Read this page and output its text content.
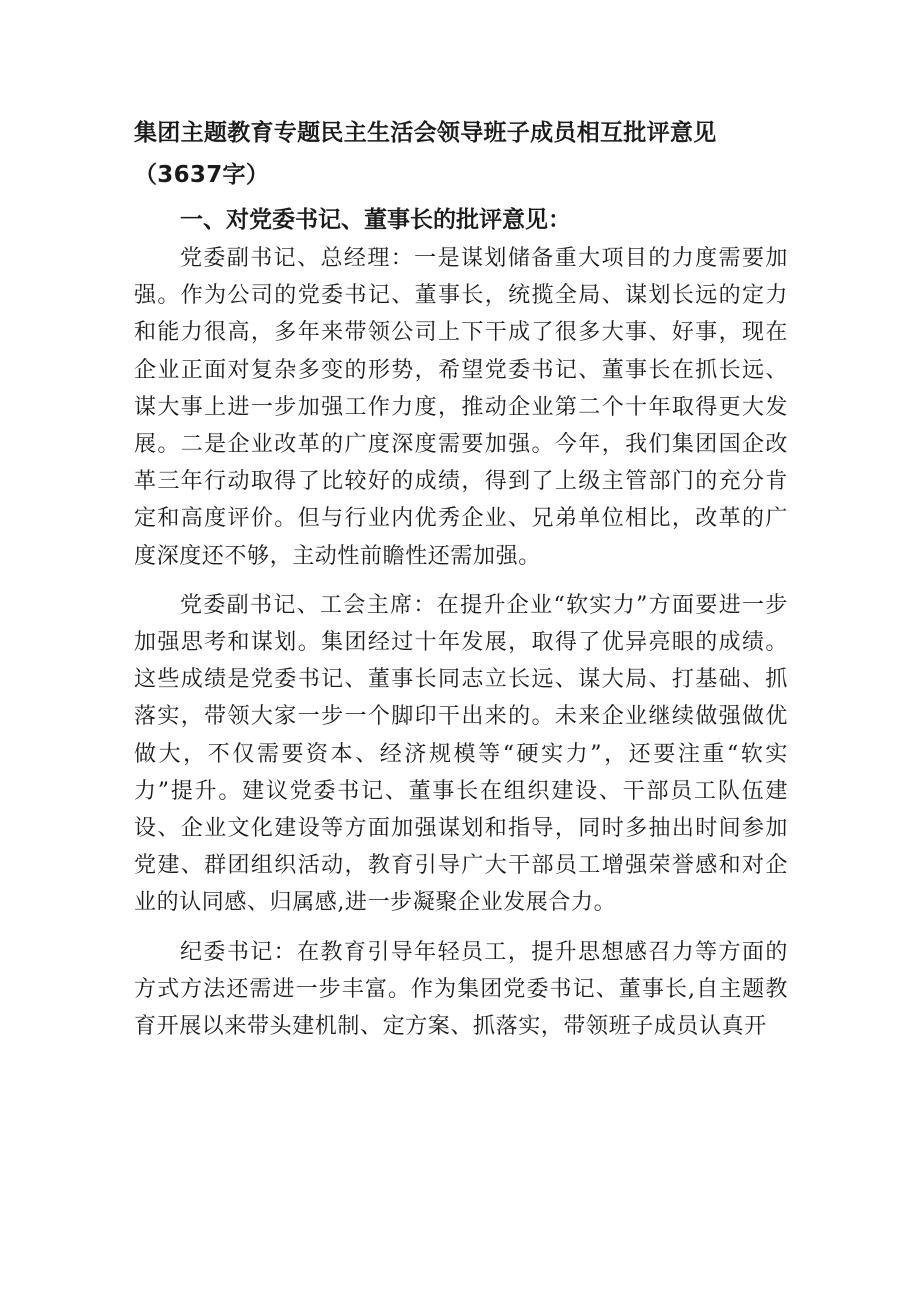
集团主题教育专题民主生活会领导班子成员相互批评意见（3637字）
一、对党委书记、董事长的批评意见：

党委副书记、总经理：一是谋划储备重大项目的力度需要加强。作为公司的党委书记、董事长，统揽全局、谋划长远的定力和能力很高，多年来带领公司上下干成了很多大事、好事，现在企业正面对复杂多变的形势，希望党委书记、董事长在抓长远、谋大事上进一步加强工作力度，推动企业第二个十年取得更大发展。二是企业改革的广度深度需要加强。今年，我们集团国企改革三年行动取得了比较好的成绩，得到了上级主管部门的充分肯定和高度评价。但与行业内优秀企业、兄弟单位相比，改革的广度深度还不够，主动性前瞻性还需加强。

党委副书记、工会主席：在提升企业“软实力”方面要进一步加强思考和谋划。集团经过十年发展，取得了优异亮眼的成绩。这些成绩是党委书记、董事长同志立长远、谋大局、打基础、抓落实，带领大家一步一个脚印干出来的。未来企业继续做强做优做大，不仅需要资本、经济规模等“硬实力”，还要注重“软实力”提升。建议党委书记、董事长在组织建设、干部员工队伍建设、企业文化建设等方面加强谋划和指导，同时多抽出时间参加党建、群团组织活动，教育引导广大干部员工增强荣誉感和对企业的认同感、归属感,进一步凝聚企业发展合力。

纪委书记：在教育引导年轻员工，提升思想感召力等方面的方式方法还需进一步丰富。作为集团党委书记、董事长,自主题教育开展以来带头建机制、定方案、抓落实，带领班子成员认真开
